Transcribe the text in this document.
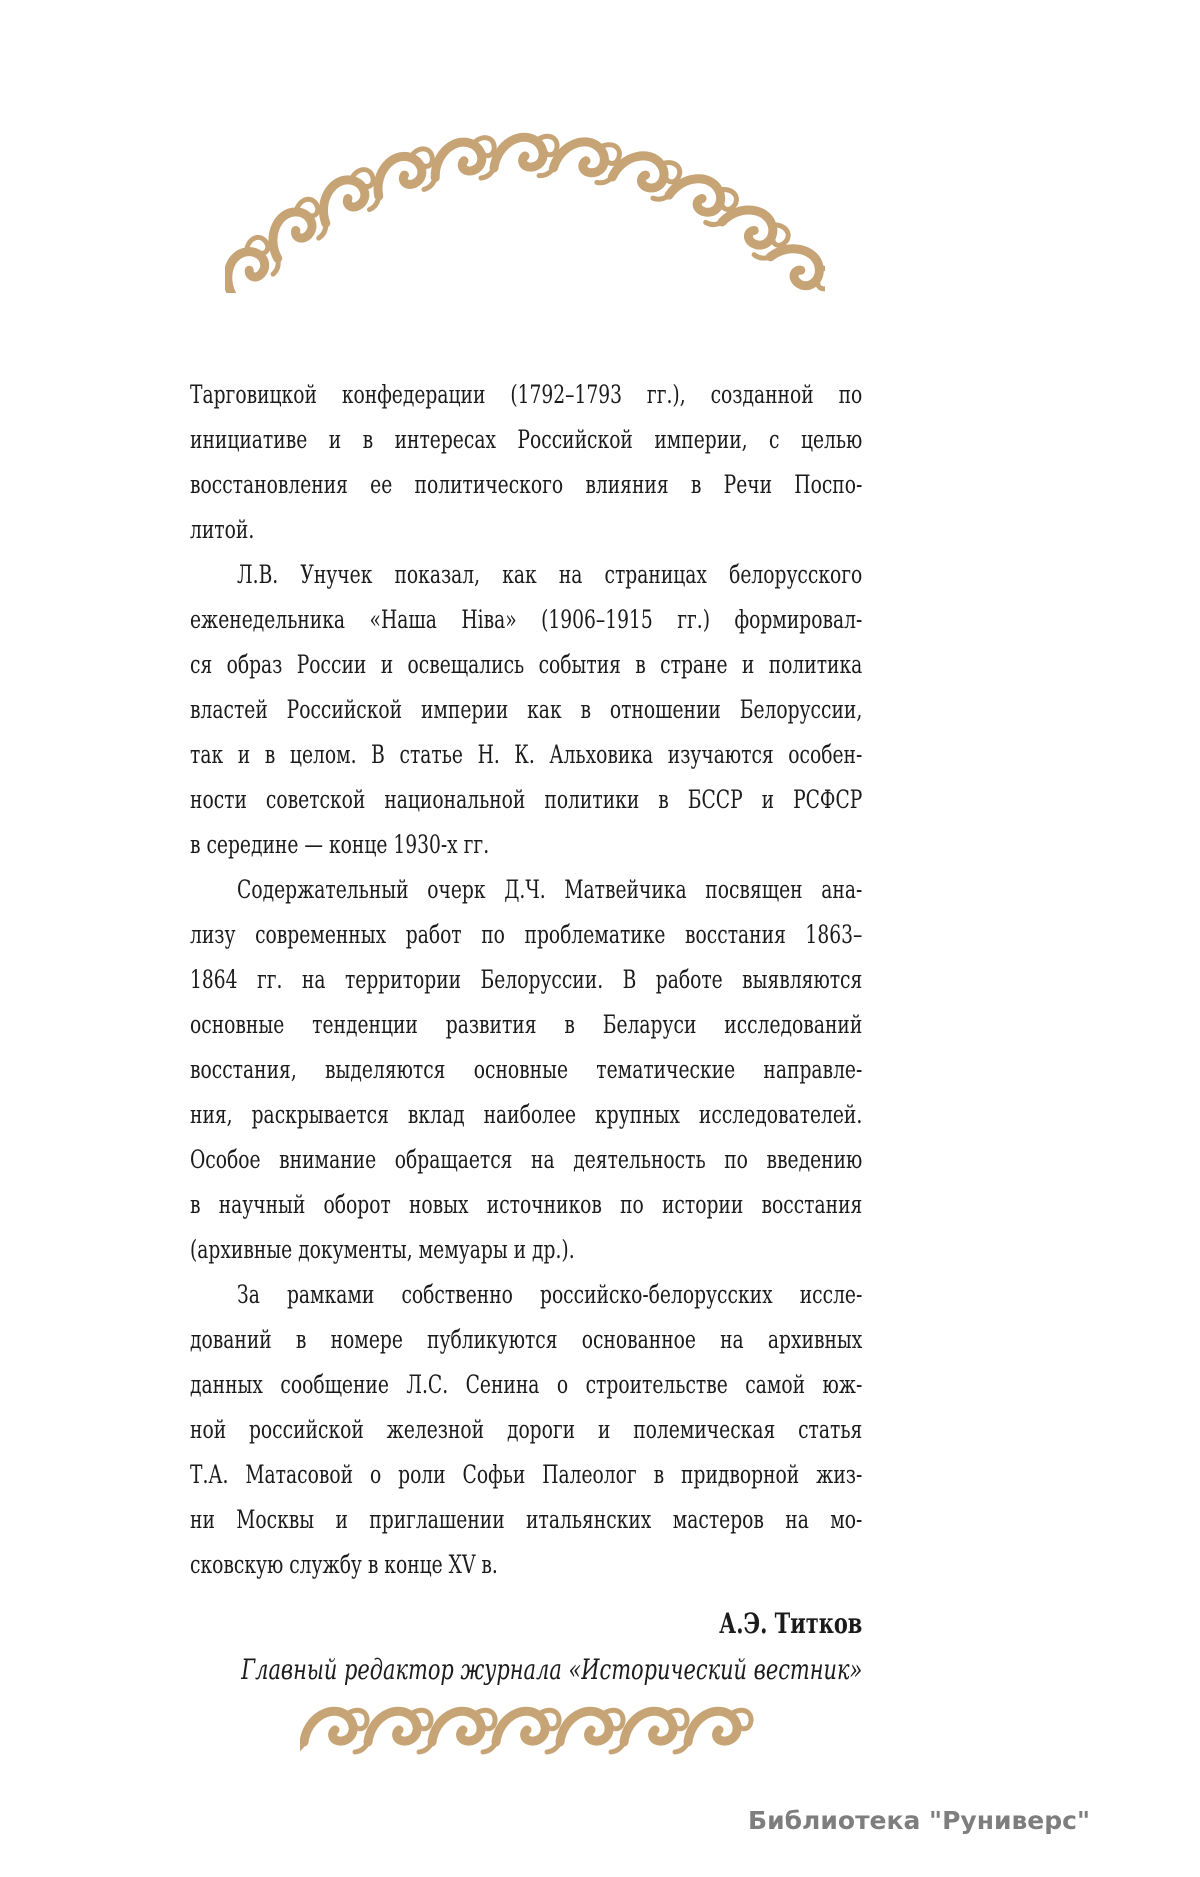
Тарговицкой конфедерации (1792–1793 гг.), созданной по
инициативе и в интересах Российской империи, с целью
восстановления ее политического влияния в Речи Поспо-
литой.
Л.В. Унучек показал, как на страницах белорусского
еженедельника «Наша Ніва» (1906–1915 гг.) формировал-
ся образ России и освещались события в стране и политика
властей Российской империи как в отношении Белоруссии,
так и в целом. В статье Н. К. Альховика изучаются особен-
ности советской национальной политики в БССР и РСФСР
в середине — конце 1930-х гг.
Содержательный очерк Д.Ч. Матвейчика посвящен ана-
лизу современных работ по проблематике восстания 1863–
1864 гг. на территории Белоруссии. В работе выявляются
основные тенденции развития в Беларуси исследований
восстания, выделяются основные тематические направле-
ния, раскрывается вклад наиболее крупных исследователей.
Особое внимание обращается на деятельность по введению
в научный оборот новых источников по истории восстания
(архивные документы, мемуары и др.).
За рамками собственно российско-белорусских иссле-
дований в номере публикуются основанное на архивных
данных сообщение Л.С. Сенина о строительстве самой юж-
ной российской железной дороги и полемическая статья
Т.А. Матасовой о роли Софьи Палеолог в придворной жиз-
ни Москвы и приглашении итальянских мастеров на мо-
сковскую службу в конце XV в.
А.Э. Титков
Главный редактор журнала «Исторический вестник»
Библиотека "Руниверс"
